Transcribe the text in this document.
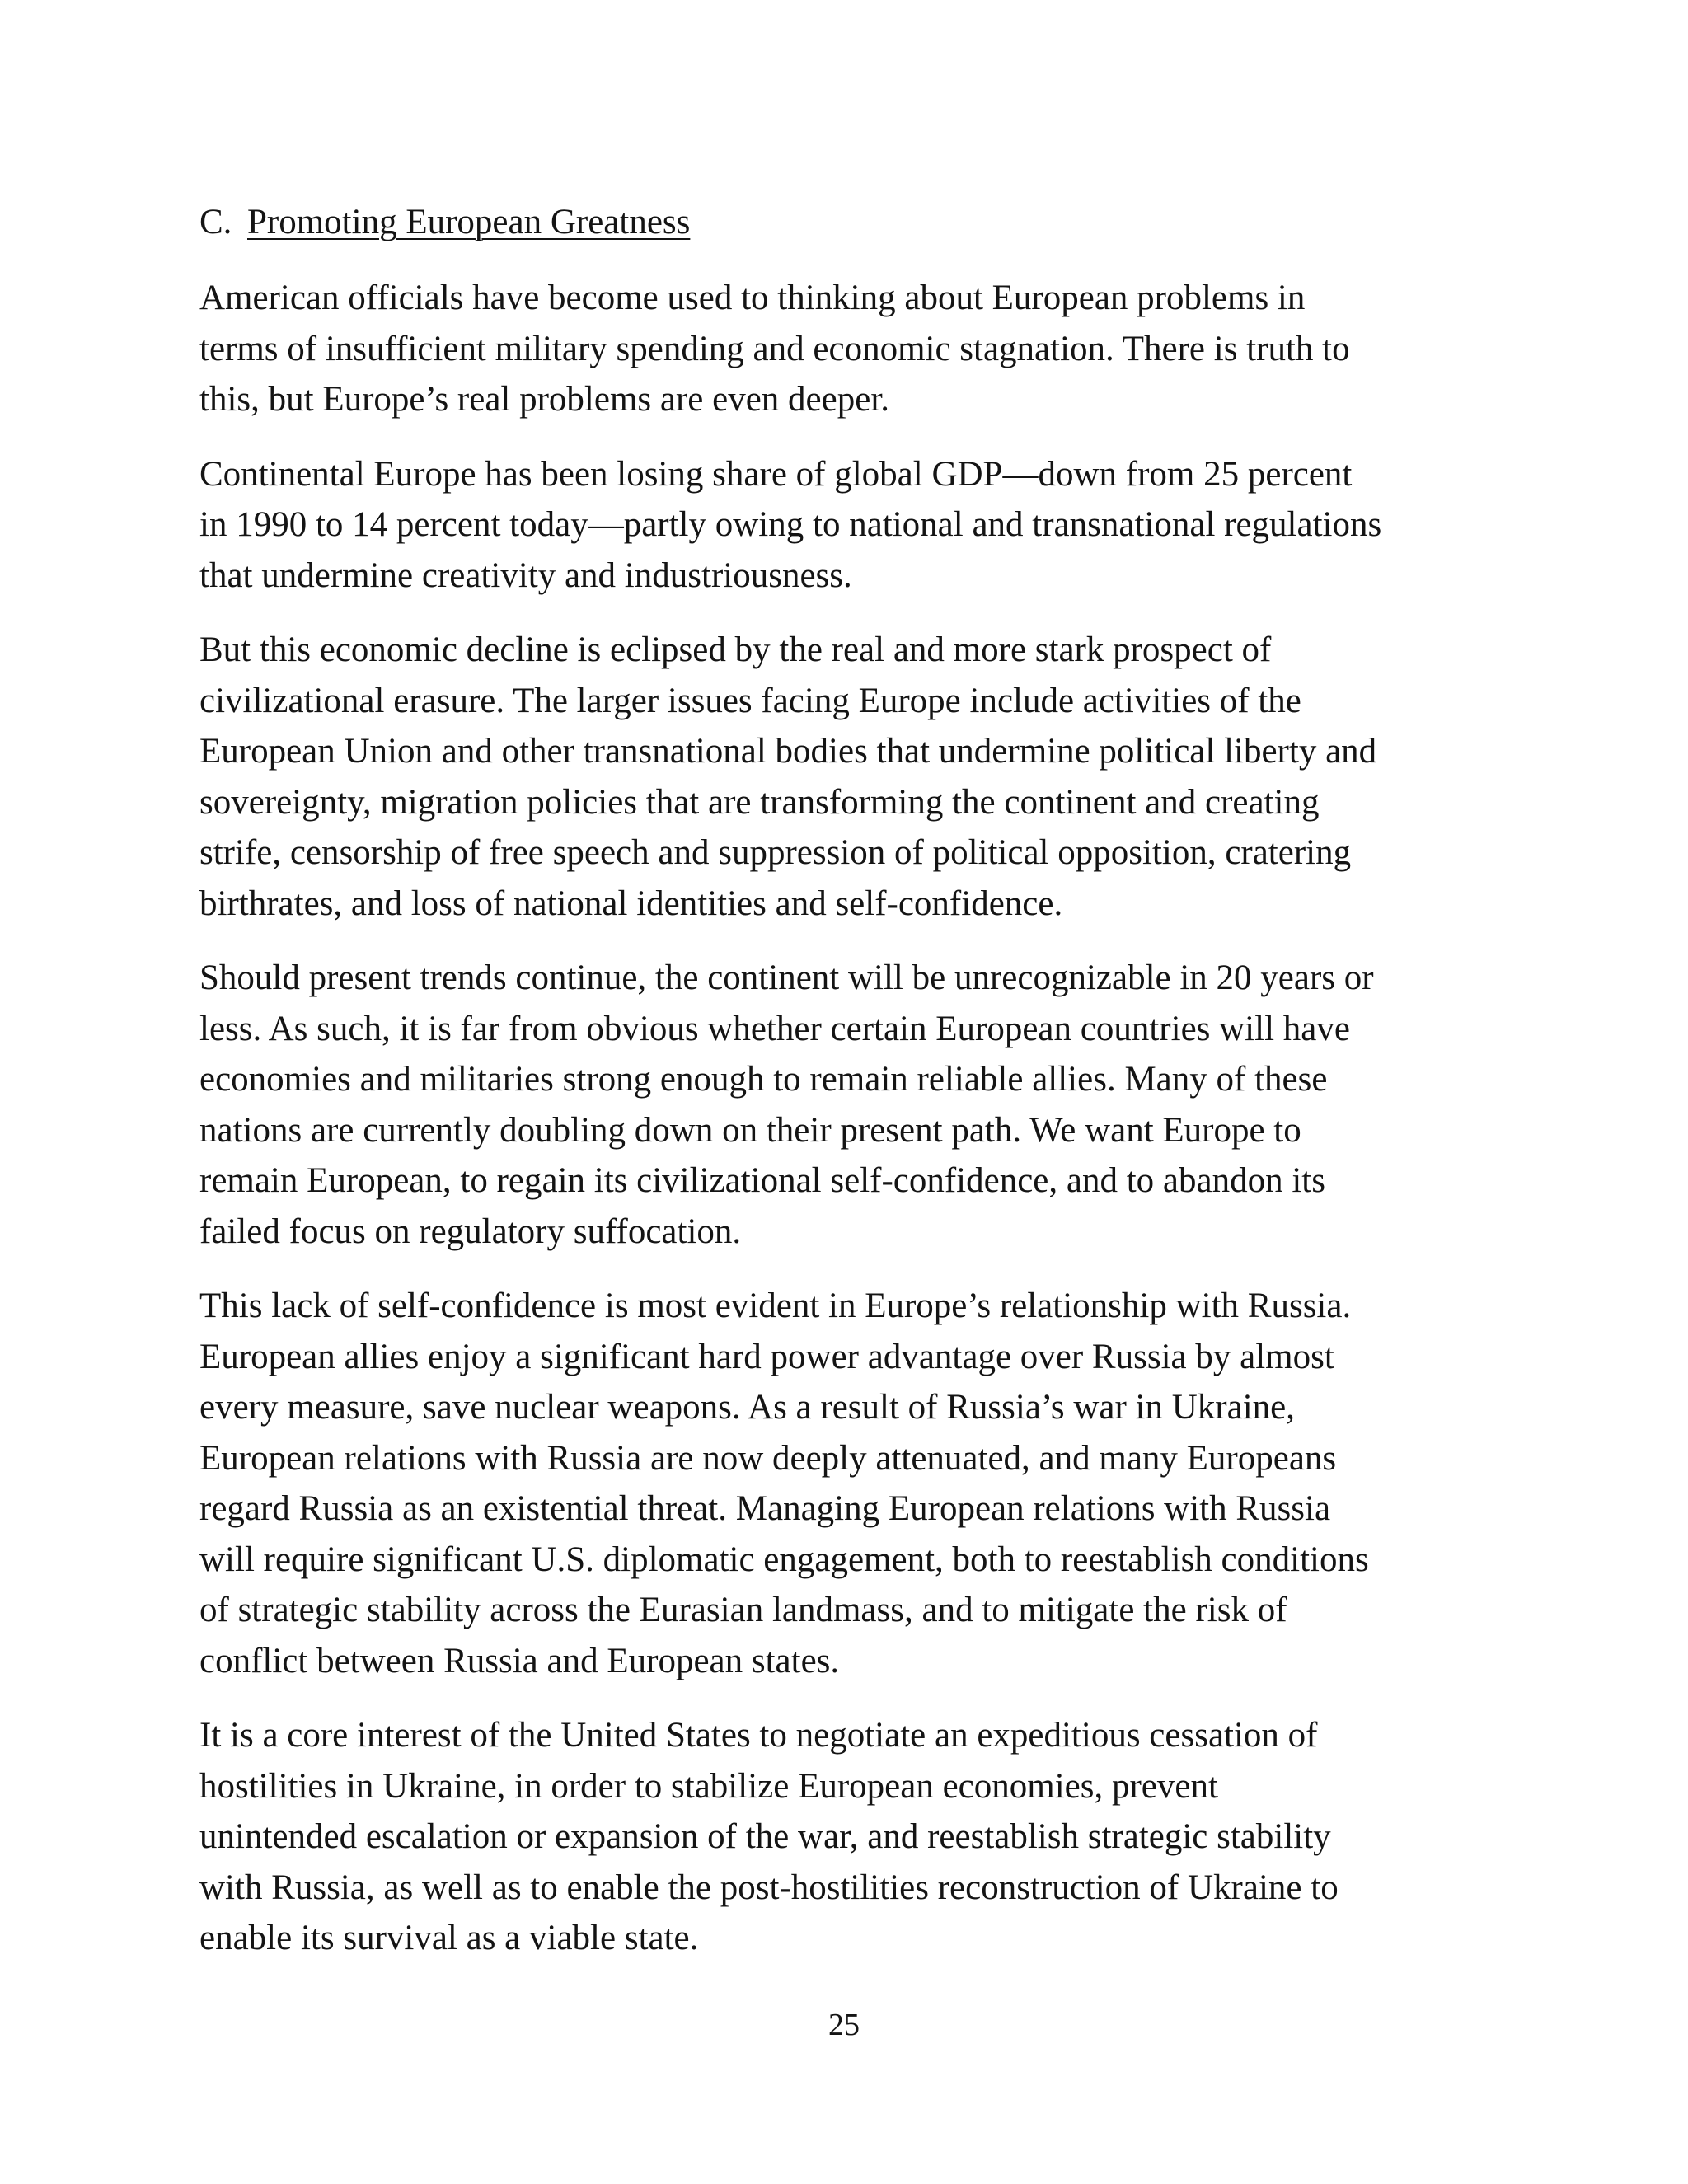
C. Promoting European Greatness

American officials have become used to thinking about European problems in
terms of insufficient military spending and economic stagnation. There is truth to
this, but Europe’s real problems are even deeper.

Continental Europe has been losing share of global GDP—down from 25 percent
in 1990 to 14 percent today—partly owing to national and transnational regulations
that undermine creativity and industriousness.

But this economic decline is eclipsed by the real and more stark prospect of
civilizational erasure. The larger issues facing Europe include activities of the
European Union and other transnational bodies that undermine political liberty and
sovereignty, migration policies that are transforming the continent and creating
strife, censorship of free speech and suppression of political opposition, cratering
birthrates, and loss of national identities and self-confidence.

Should present trends continue, the continent will be unrecognizable in 20 years or
less. As such, it is far from obvious whether certain European countries will have
economies and militaries strong enough to remain reliable allies. Many of these
nations are currently doubling down on their present path. We want Europe to
remain European, to regain its civilizational self-confidence, and to abandon its
failed focus on regulatory suffocation.

This lack of self-confidence is most evident in Europe’s relationship with Russia.
European allies enjoy a significant hard power advantage over Russia by almost
every measure, save nuclear weapons. As a result of Russia’s war in Ukraine,
European relations with Russia are now deeply attenuated, and many Europeans
regard Russia as an existential threat. Managing European relations with Russia
will require significant U.S. diplomatic engagement, both to reestablish conditions
of strategic stability across the Eurasian landmass, and to mitigate the risk of
conflict between Russia and European states.

It is a core interest of the United States to negotiate an expeditious cessation of
hostilities in Ukraine, in order to stabilize European economies, prevent
unintended escalation or expansion of the war, and reestablish strategic stability
with Russia, as well as to enable the post-hostilities reconstruction of Ukraine to
enable its survival as a viable state.

25
